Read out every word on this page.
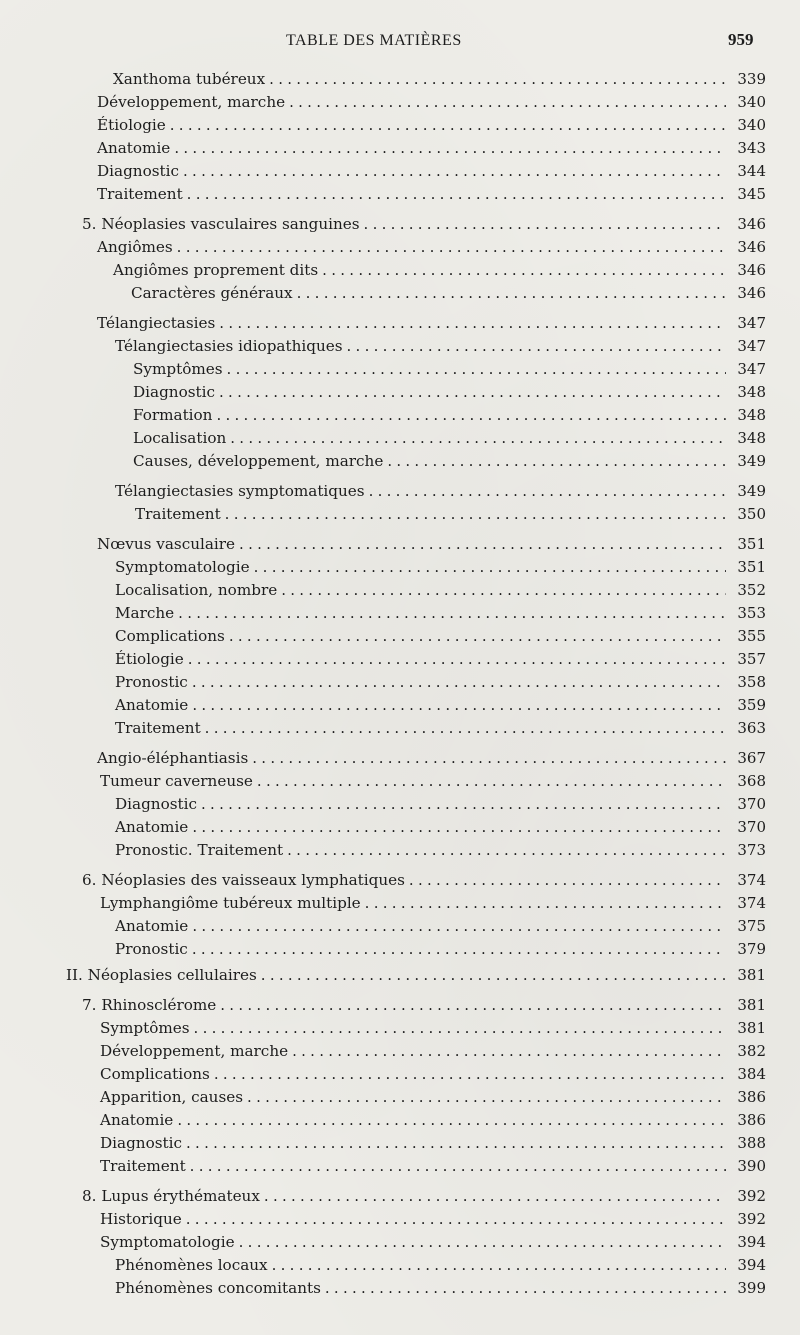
TABLE DES MATIÈRES	959
Xanthoma tubéreux . . .	339
Développement, marche . . .	340
Étiologie . . .	340
Anatomie . . .	343
Diagnostic . . .	344
Traitement . . .	345
5. Néoplasies vasculaires sanguines . . .	346
Angiômes . . .	346
Angiômes proprement dits . . .	346
Caractères généraux . . .	346
Télangiectasies . . .	347
Télangiectasies idiopathiques . . .	347
Symptômes . . .	347
Diagnostic . . .	348
Formation . . .	348
Localisation . . .	348
Causes, développement, marche . . .	349
Télangiectasies symptomatiques . . .	349
Traitement . . .	350
Nœvus vasculaire . . .	351
Symptomatologie . . .	351
Localisation, nombre . . .	352
Marche . . .	353
Complications . . .	355
Étiologie . . .	357
Pronostic . . .	358
Anatomie . . .	359
Traitement . . .	363
Angio-éléphantiasis . . .	367
Tumeur caverneuse . . .	368
Diagnostic . . .	370
Anatomie . . .	370
Pronostic. Traitement . . .	373
6. Néoplasies des vaisseaux lymphatiques . . .	374
Lymphangiôme tubéreux multiple . . .	374
Anatomie . . .	375
Pronostic . . .	379
II. Néoplasies cellulaires . . .	381
7. Rhinosclérome . . .	381
Symptômes . . .	381
Développement, marche . . .	382
Complications . . .	384
Apparition, causes . . .	386
Anatomie . . .	386
Diagnostic . . .	388
Traitement . . .	390
8. Lupus érythémateux . . .	392
Historique . . .	392
Symptomatologie . . .	394
Phénomènes locaux . . .	394
Phénomènes concomitants . . .	399
